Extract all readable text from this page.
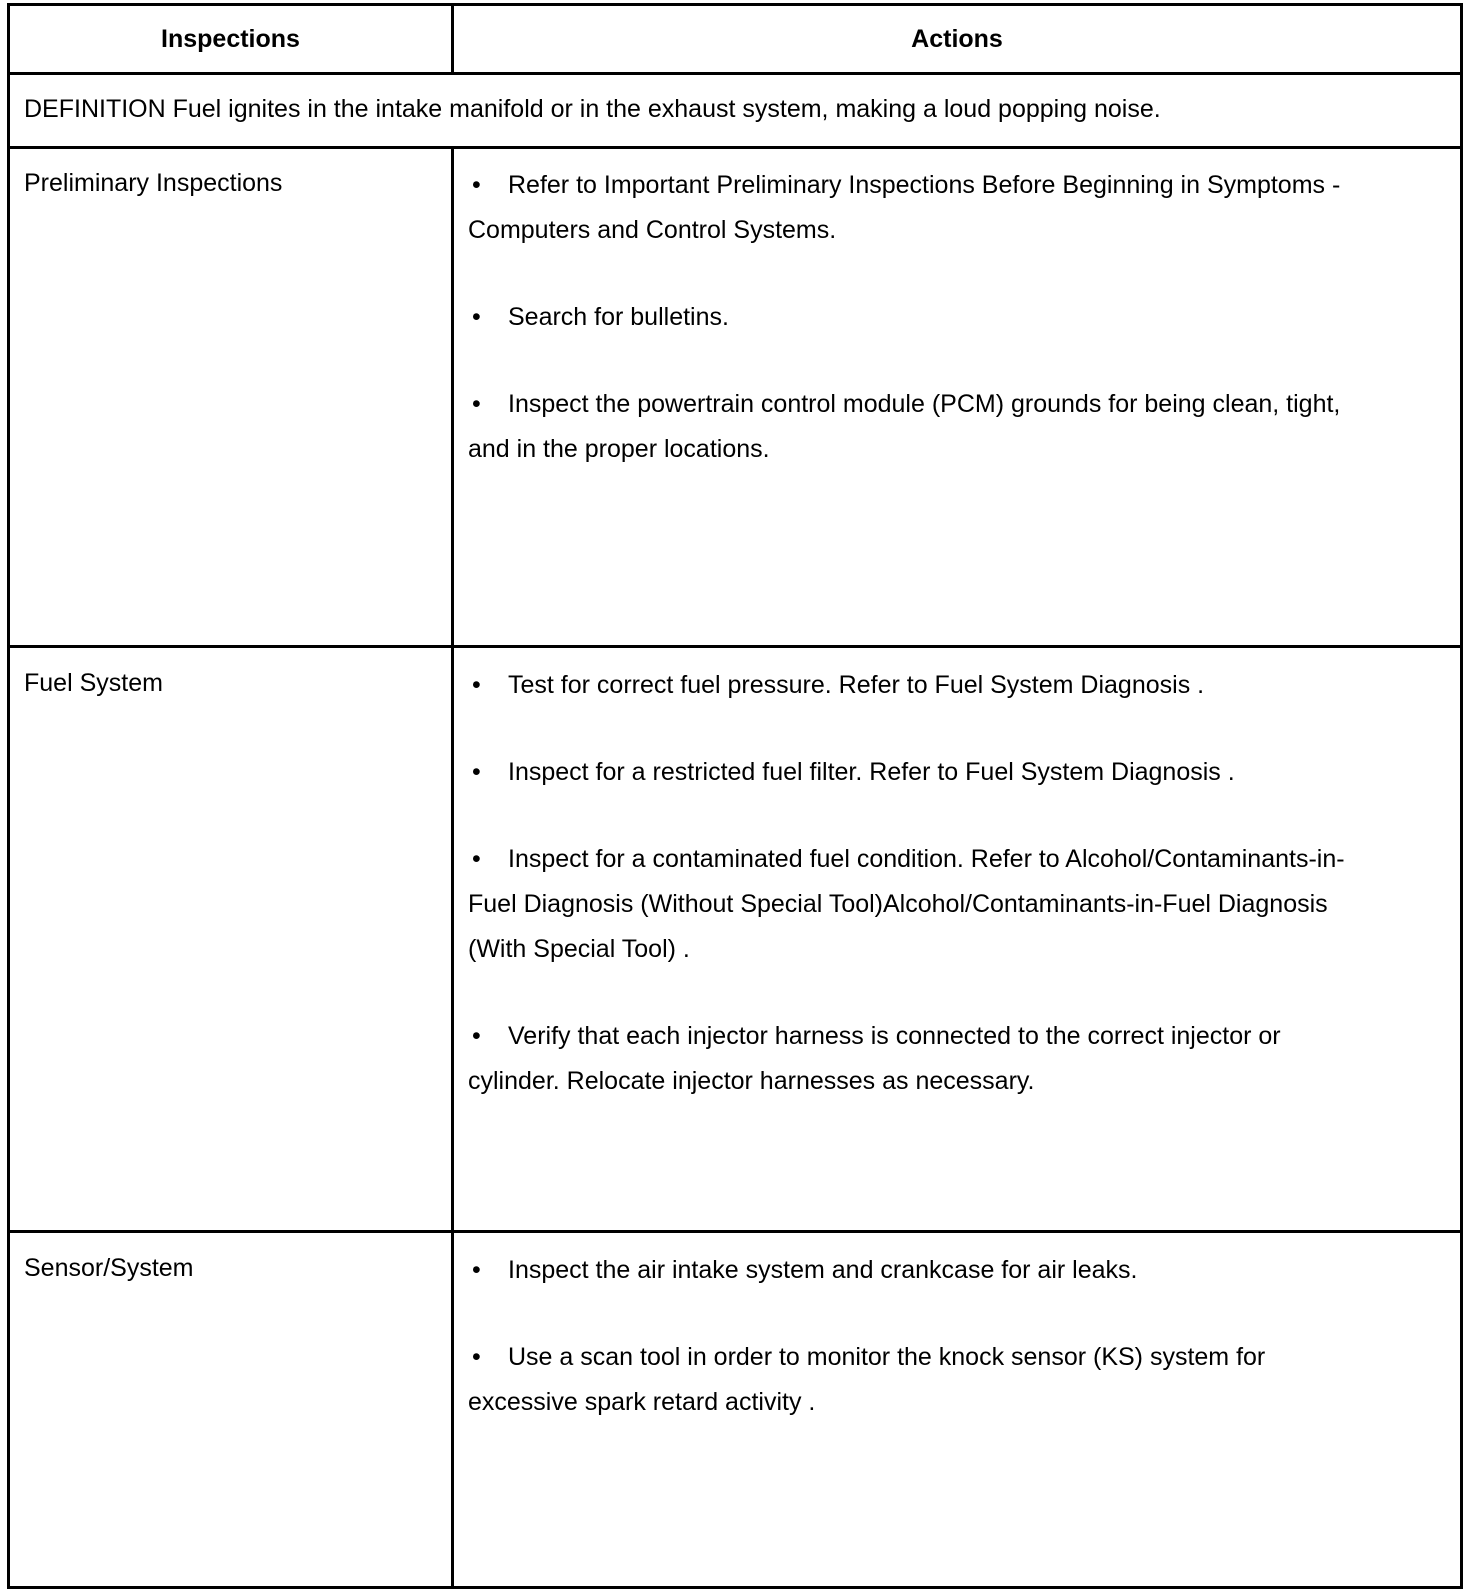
Inspections	Actions
DEFINITION Fuel ignites in the intake manifold or in the exhaust system, making a loud popping noise.
Preliminary Inspections	• Refer to Important Preliminary Inspections Before Beginning in Symptoms - Computers and Control Systems.
• Search for bulletins.
• Inspect the powertrain control module (PCM) grounds for being clean, tight, and in the proper locations.
Fuel System	• Test for correct fuel pressure. Refer to Fuel System Diagnosis .
• Inspect for a restricted fuel filter. Refer to Fuel System Diagnosis .
• Inspect for a contaminated fuel condition. Refer to Alcohol/Contaminants-in-Fuel Diagnosis (Without Special Tool)Alcohol/Contaminants-in-Fuel Diagnosis (With Special Tool) .
• Verify that each injector harness is connected to the correct injector or cylinder. Relocate injector harnesses as necessary.
Sensor/System	• Inspect the air intake system and crankcase for air leaks.
• Use a scan tool in order to monitor the knock sensor (KS) system for excessive spark retard activity .
